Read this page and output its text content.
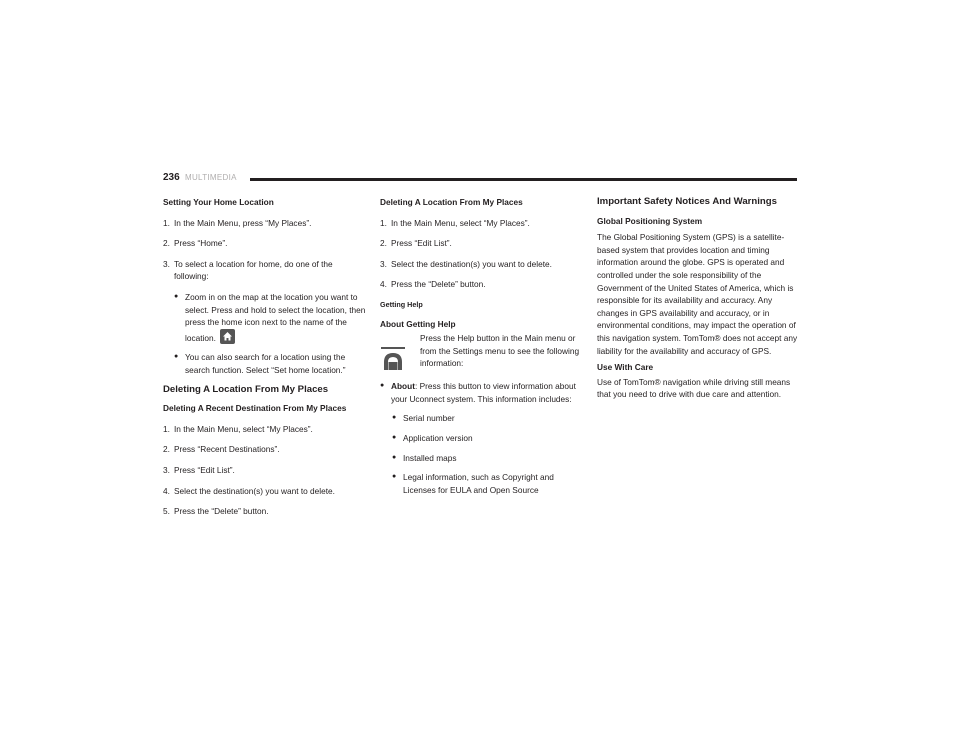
236 MULTIMEDIA
Setting Your Home Location
1. In the Main Menu, press “My Places”.
2. Press “Home”.
3. To select a location for home, do one of the following:
● Zoom in on the map at the location you want to select. Press and hold to select the location, then press the home icon next to the name of the location.
● You can also search for a location using the search function. Select “Set home location.”
Deleting A Location From My Places
Deleting A Recent Destination From My Places
1. In the Main Menu, select “My Places”.
2. Press “Recent Destinations”.
3. Press “Edit List”.
4. Select the destination(s) you want to delete.
5. Press the “Delete” button.
Deleting A Location From My Places
1. In the Main Menu, select “My Places”.
2. Press “Edit List”.
3. Select the destination(s) you want to delete.
4. Press the “Delete” button.
Getting Help
About Getting Help
Press the Help button in the Main menu or from the Settings menu to see the following information:
● About: Press this button to view information about your Uconnect system. This information includes:
● Serial number
● Application version
● Installed maps
● Legal information, such as Copyright and Licenses for EULA and Open Source
Important Safety Notices And Warnings
Global Positioning System

The Global Positioning System (GPS) is a satellite-based system that provides location and timing information around the globe. GPS is operated and controlled under the sole responsibility of the Government of the United States of America, which is responsible for its availability and accuracy. Any changes in GPS availability and accuracy, or in environmental conditions, may impact the operation of this navigation system. TomTom® does not accept any liability for the availability and accuracy of GPS.

Use With Care

Use of TomTom® navigation while driving still means that you need to drive with due care and attention.
